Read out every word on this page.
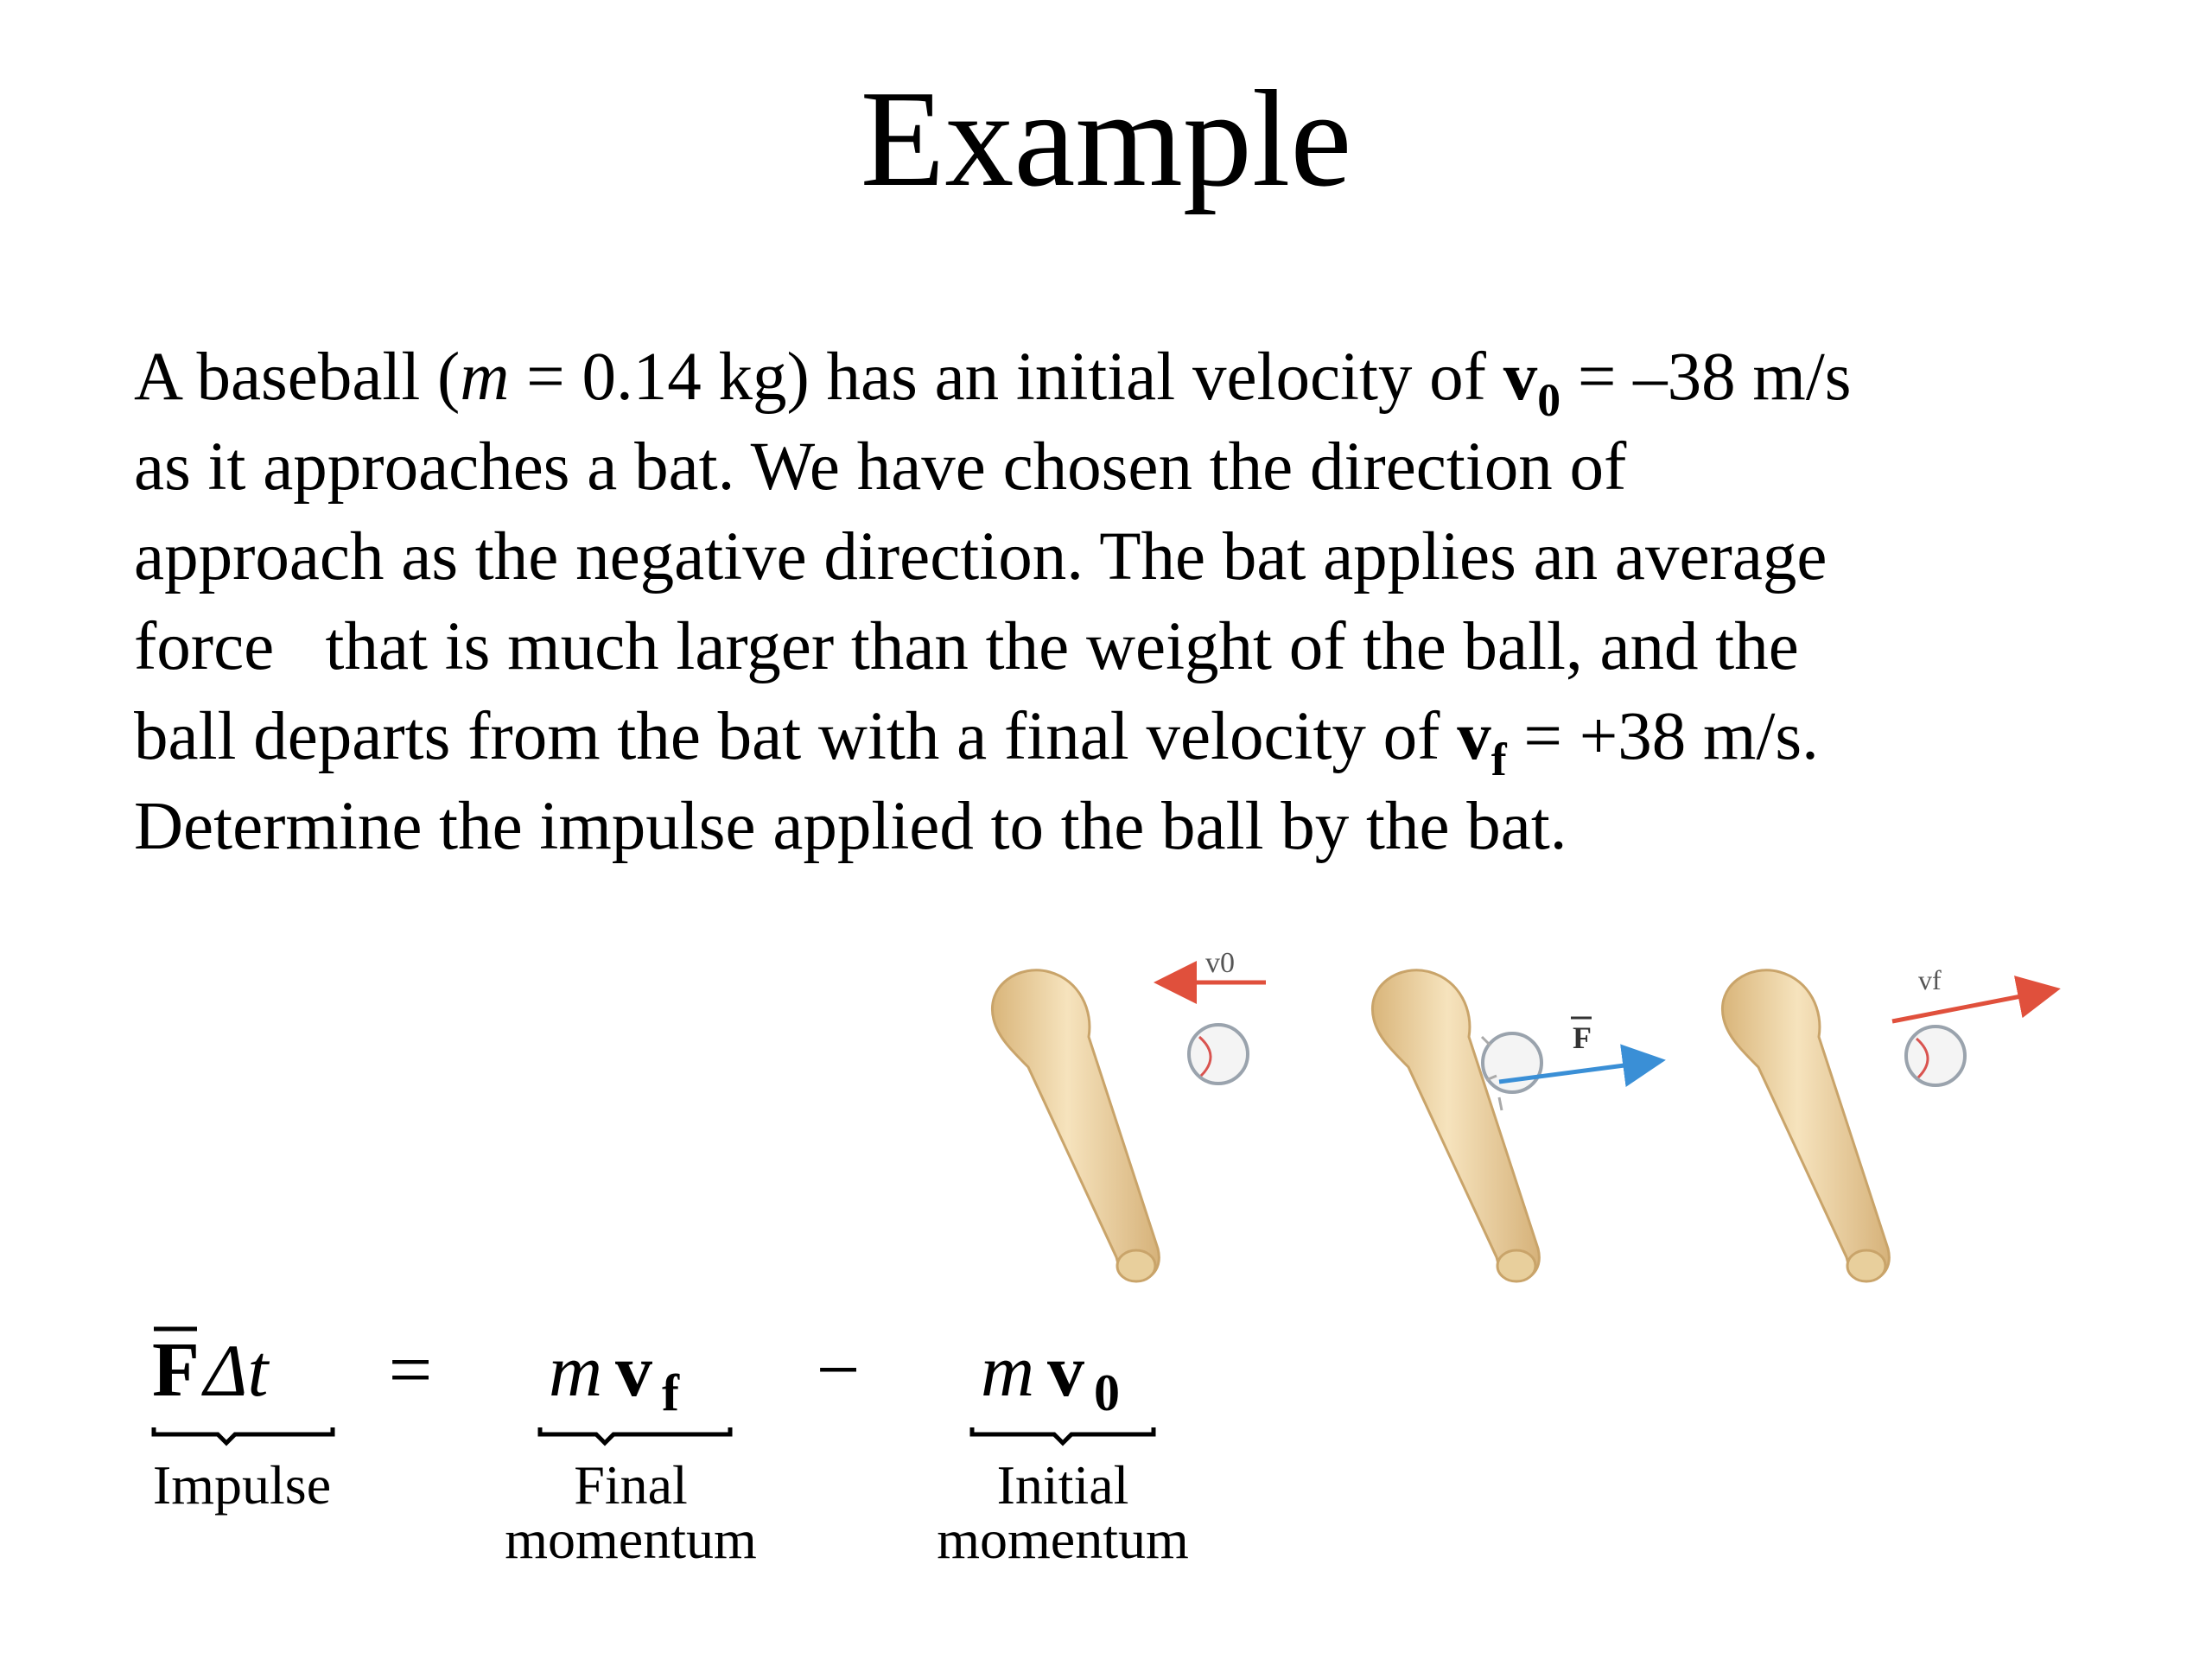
Example
A baseball (m = 0.14 kg) has an initial velocity of $v_0 = -38$ m/s
as it approaches a bat. We have chosen the direction of
approach as the negative direction. The bat applies an average
force   that is much larger than the weight of the ball, and the
ball departs from the bat with a final velocity of $v_f = +38$ m/s.
Determine the impulse applied to the ball by the bat.
v0
F
vf
F Δt
Impulse
= m v f
Final
momentum
− m v 0
Initial
momentum
